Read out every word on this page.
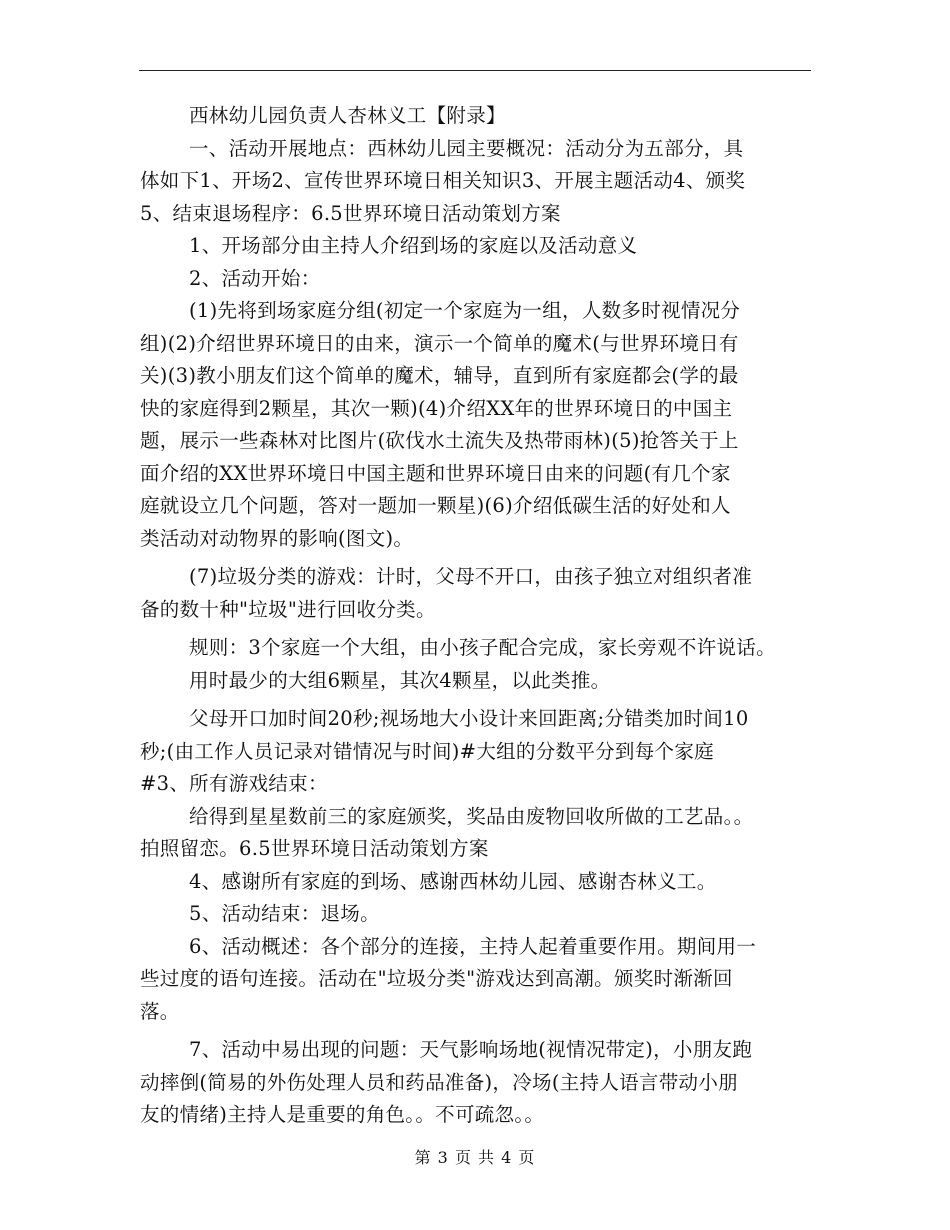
西林幼儿园负责人杏林义工【附录】

一、活动开展地点：西林幼儿园主要概况：活动分为五部分，具
体如下1、开场2、宣传世界环境日相关知识3、开展主题活动4、颁奖
5、结束退场程序：6.5世界环境日活动策划方案

1、开场部分由主持人介绍到场的家庭以及活动意义

2、活动开始：

(1)先将到场家庭分组(初定一个家庭为一组，人数多时视情况分
组)(2)介绍世界环境日的由来，演示一个简单的魔术(与世界环境日有
关)(3)教小朋友们这个简单的魔术，辅导，直到所有家庭都会(学的最
快的家庭得到2颗星，其次一颗)(4)介绍XX年的世界环境日的中国主
题，展示一些森林对比图片(砍伐水土流失及热带雨林)(5)抢答关于上
面介绍的XX世界环境日中国主题和世界环境日由来的问题(有几个家
庭就设立几个问题，答对一题加一颗星)(6)介绍低碳生活的好处和人
类活动对动物界的影响(图文)。

(7)垃圾分类的游戏：计时，父母不开口，由孩子独立对组织者准
备的数十种"垃圾"进行回收分类。

规则：3个家庭一个大组，由小孩子配合完成，家长旁观不许说话。

用时最少的大组6颗星，其次4颗星，以此类推。

父母开口加时间20秒;视场地大小设计来回距离;分错类加时间10
秒;(由工作人员记录对错情况与时间)#大组的分数平分到每个家庭
#3、所有游戏结束：

给得到星星数前三的家庭颁奖，奖品由废物回收所做的工艺品。。
拍照留恋。6.5世界环境日活动策划方案

4、感谢所有家庭的到场、感谢西林幼儿园、感谢杏林义工。

5、活动结束：退场。

6、活动概述：各个部分的连接，主持人起着重要作用。期间用一
些过度的语句连接。活动在"垃圾分类"游戏达到高潮。颁奖时渐渐回
落。

7、活动中易出现的问题：天气影响场地(视情况带定)，小朋友跑
动摔倒(简易的外伤处理人员和药品准备)，冷场(主持人语言带动小朋
友的情绪)主持人是重要的角色。。不可疏忽。。

第 3 页 共 4 页
